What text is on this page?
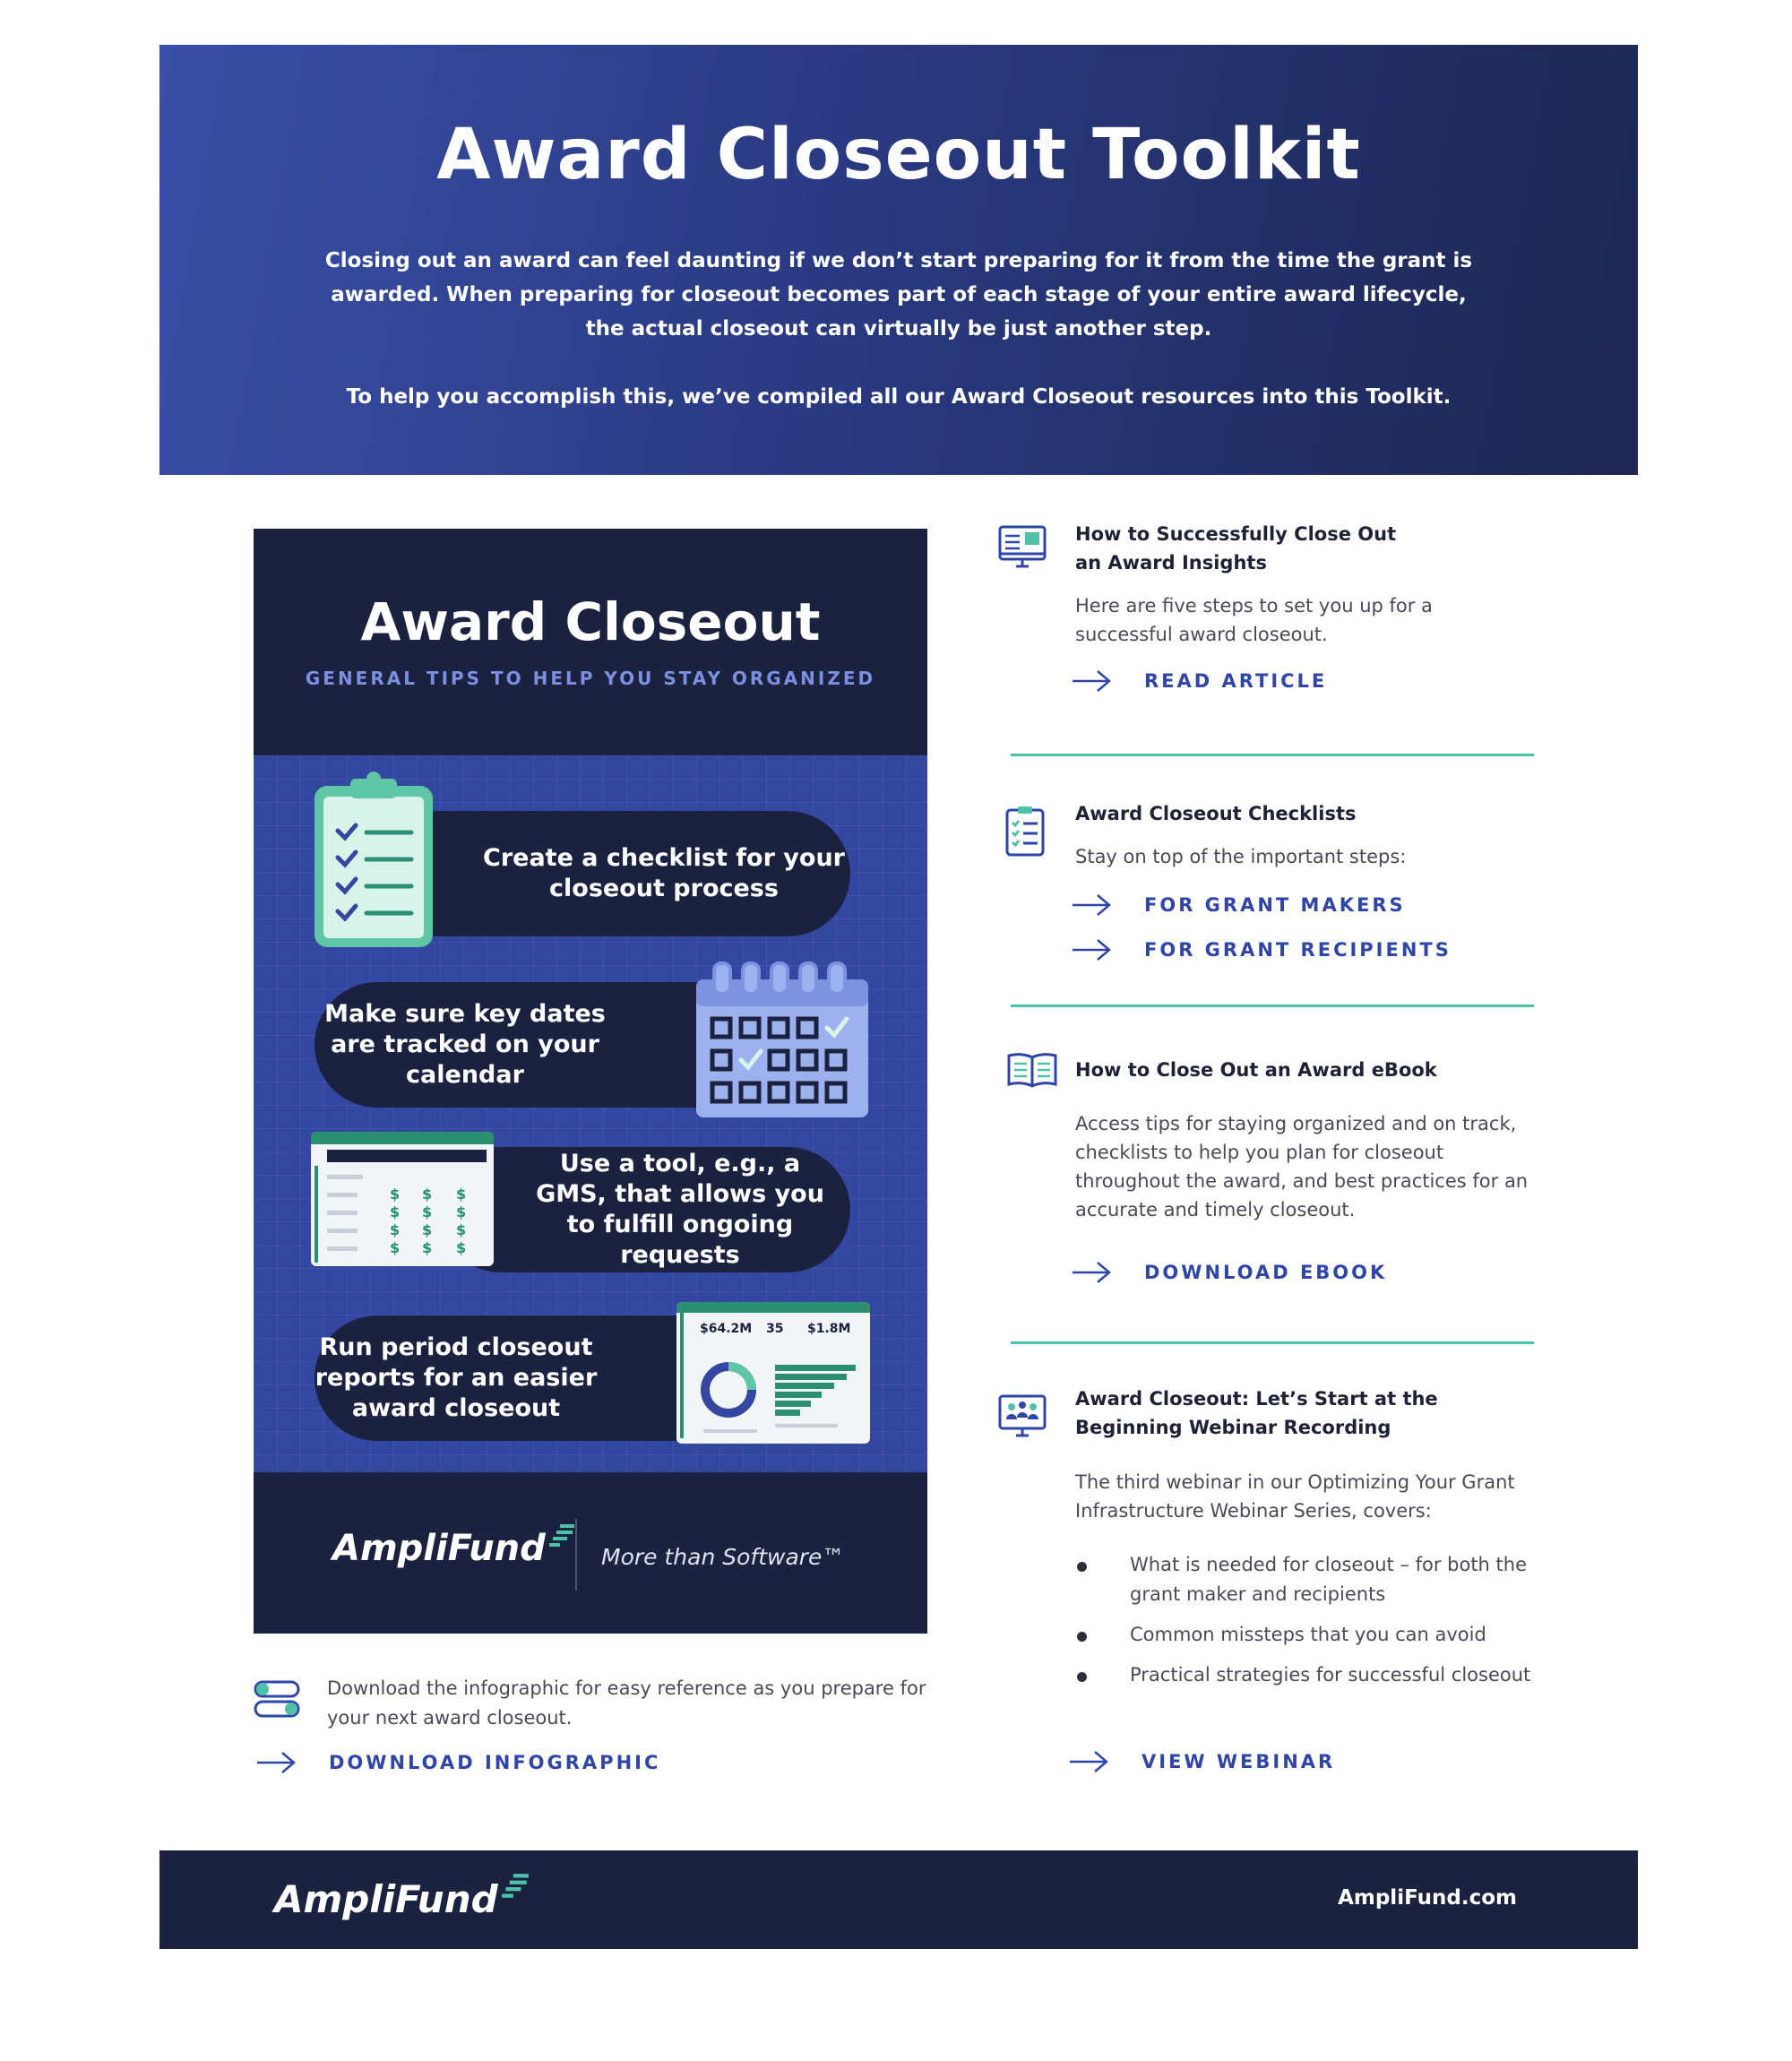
Award Closeout Toolkit

Closing out an award can feel daunting if we don’t start preparing for it from the time the grant is awarded. When preparing for closeout becomes part of each stage of your entire award lifecycle, the actual closeout can virtually be just another step.

To help you accomplish this, we’ve compiled all our Award Closeout resources into this Toolkit.

Award Closeout
GENERAL TIPS TO HELP YOU STAY ORGANIZED
Create a checklist for your closeout process
Make sure key dates are tracked on your calendar
Use a tool, e.g., a GMS, that allows you to fulfill ongoing requests
Run period closeout reports for an easier award closeout
$ $ $
$ $ $
$ $ $
$ $ $
$64.2M 35 $1.8M
AmpliFund More than Software™

Download the infographic for easy reference as you prepare for your next award closeout.

DOWNLOAD INFOGRAPHIC
How to Successfully Close Out an Award Insights

Here are five steps to set you up for a successful award closeout.

READ ARTICLE
Award Closeout Checklists

Stay on top of the important steps:

FOR GRANT MAKERS
FOR GRANT RECIPIENTS
How to Close Out an Award eBook

Access tips for staying organized and on track, checklists to help you plan for closeout throughout the award, and best practices for an accurate and timely closeout.

DOWNLOAD EBOOK
Award Closeout: Let’s Start at the Beginning Webinar Recording

The third webinar in our Optimizing Your Grant Infrastructure Webinar Series, covers:

What is needed for closeout – for both the grant maker and recipients
Common missteps that you can avoid
Practical strategies for successful closeout
VIEW WEBINAR
AmpliFund	AmpliFund.com
